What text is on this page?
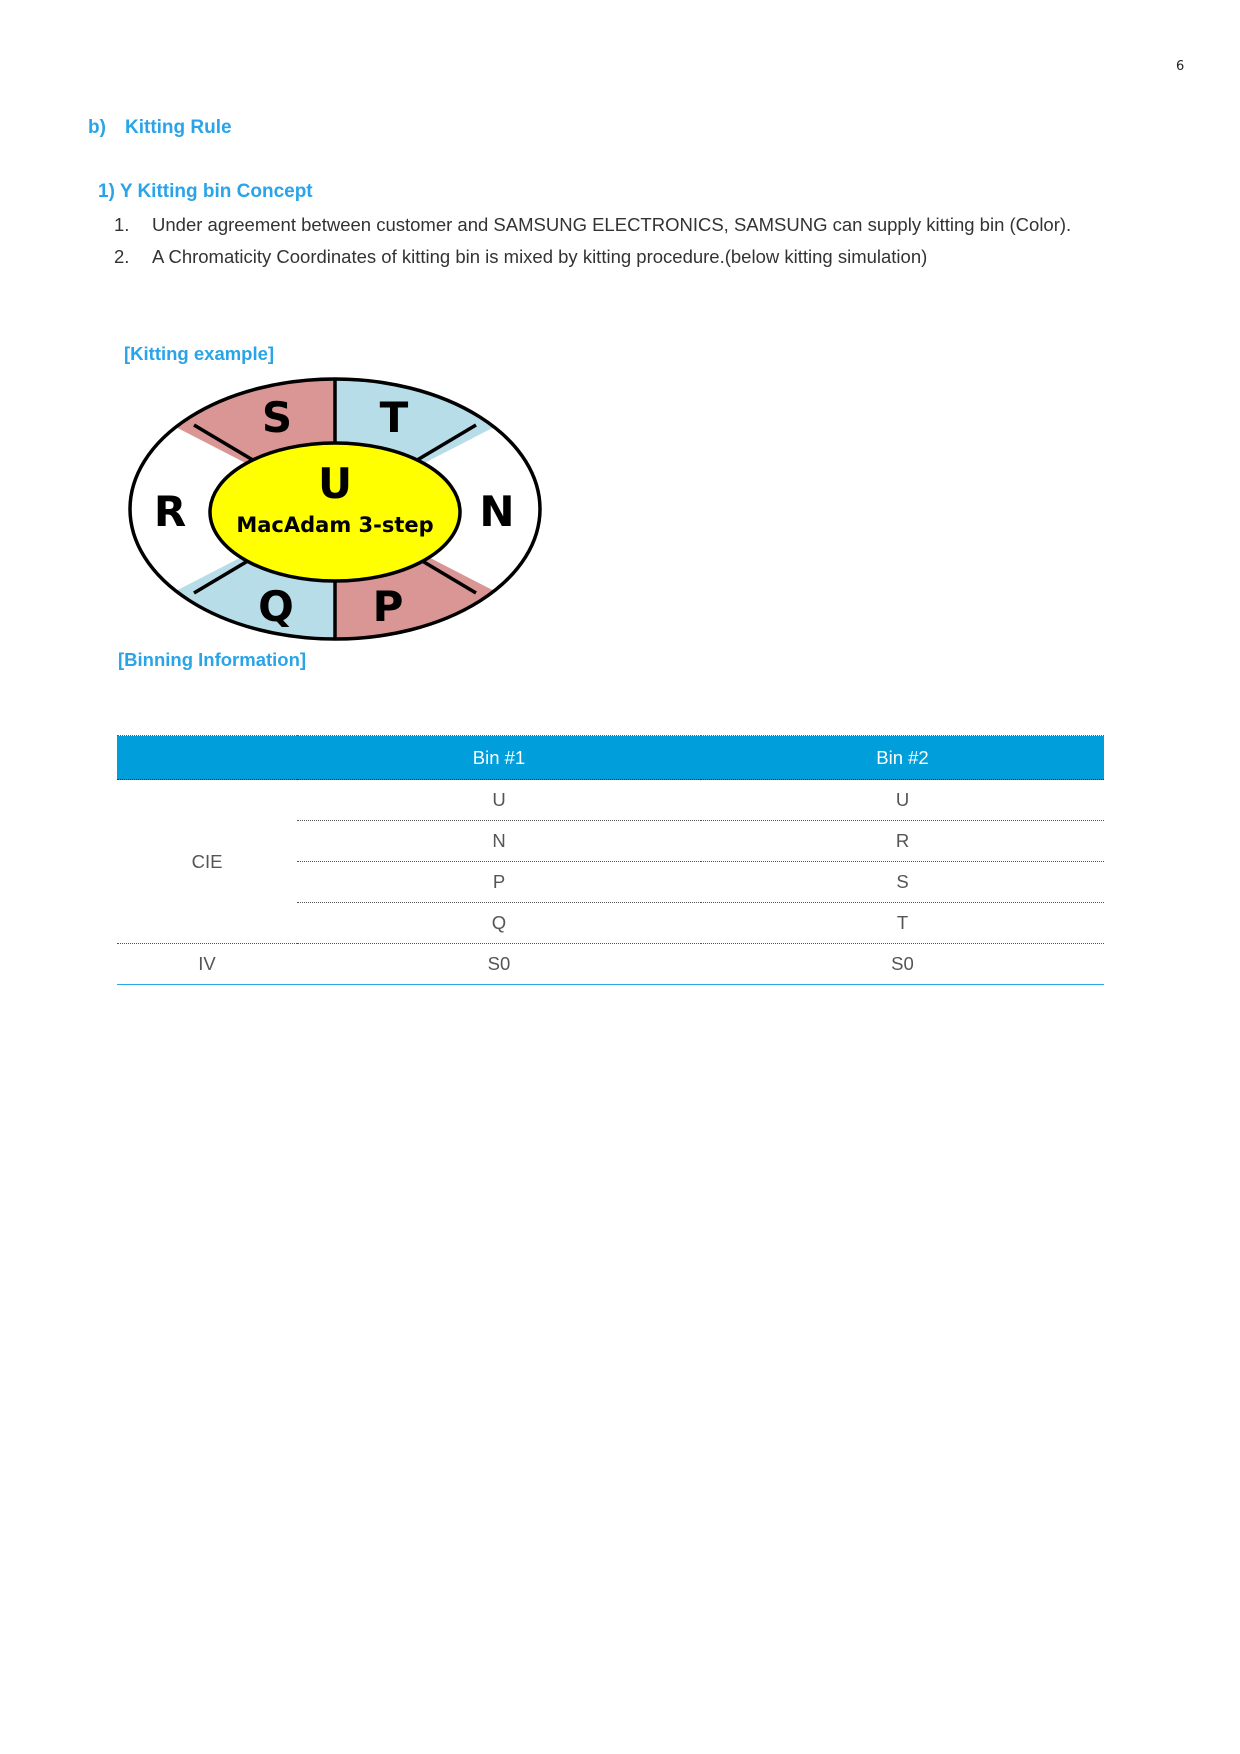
6
b) Kitting Rule
1) Y Kitting bin Concept
1. Under agreement between customer and SAMSUNG ELECTRONICS, SAMSUNG can supply kitting bin (Color).
2. A Chromaticity Coordinates of kitting bin is mixed by kitting procedure.(below kitting simulation)
[Kitting example]
S T
R	N
Q P
U
MacAdam 3-step
[Binning Information]
	Bin #1	Bin #2
CIE	U	U
	N	R
	P	S
	Q	T
IV	S0	S0
